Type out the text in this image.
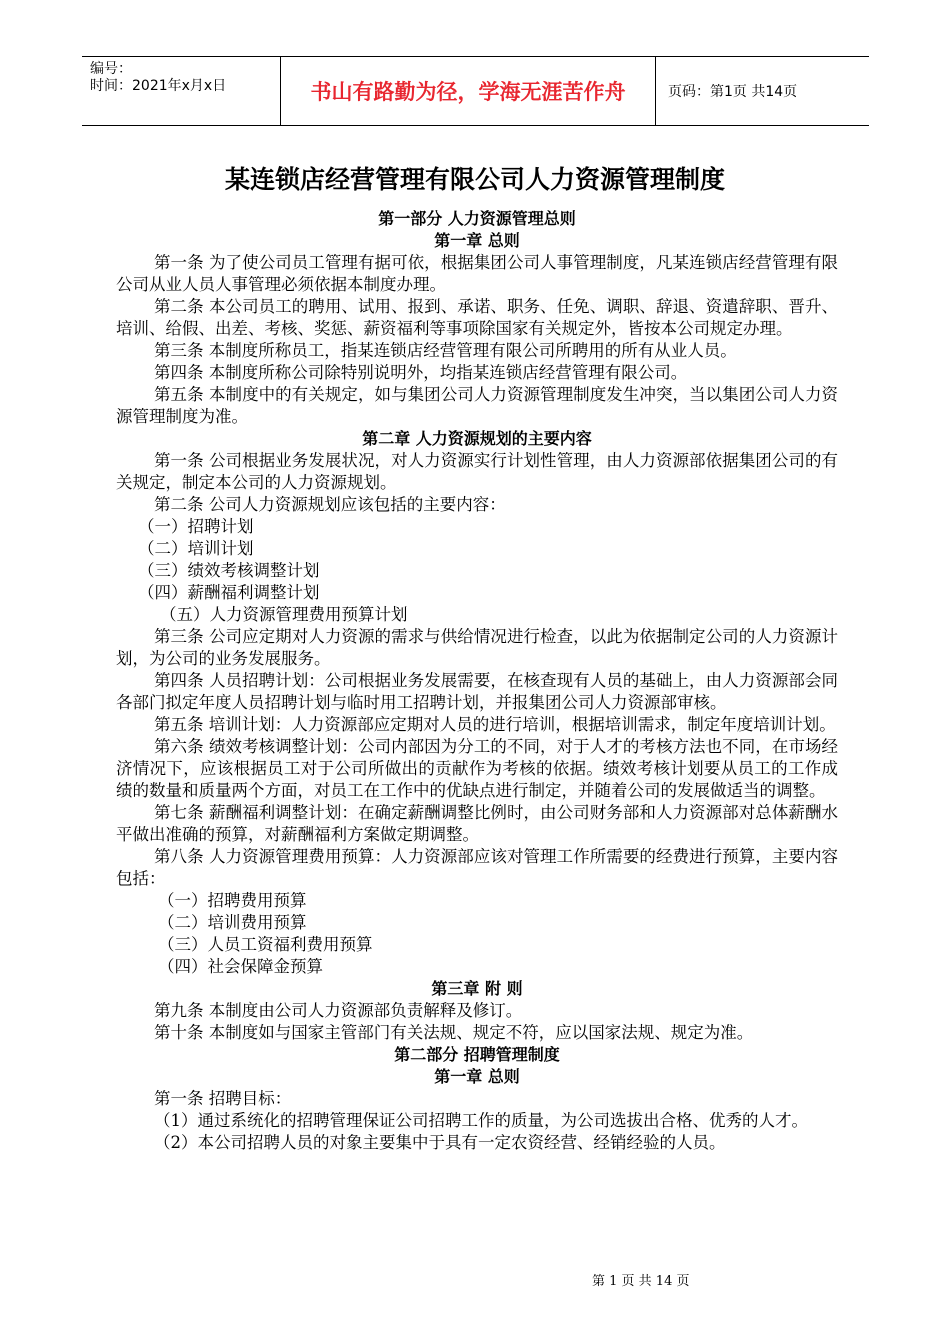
编号：
时间：2021年x月x日	书山有路勤为径，学海无涯苦作舟	页码：第1页 共14页
某连锁店经营管理有限公司人力资源管理制度

第一部分 人力资源管理总则

第一章 总则

第一条 为了使公司员工管理有据可依，根据集团公司人事管理制度，凡某连锁店经营管理有限公司从业人员人事管理必须依据本制度办理。

第二条 本公司员工的聘用、试用、报到、承诺、职务、任免、调职、辞退、资遣辞职、晋升、培训、给假、出差、考核、奖惩、薪资福利等事项除国家有关规定外，皆按本公司规定办理。

第三条 本制度所称员工，指某连锁店经营管理有限公司所聘用的所有从业人员。

第四条 本制度所称公司除特别说明外，均指某连锁店经营管理有限公司。

第五条 本制度中的有关规定，如与集团公司人力资源管理制度发生冲突，当以集团公司人力资源管理制度为准。

第二章 人力资源规划的主要内容

第一条 公司根据业务发展状况，对人力资源实行计划性管理，由人力资源部依据集团公司的有关规定，制定本公司的人力资源规划。

第二条 公司人力资源规划应该包括的主要内容：

（一）招聘计划

（二）培训计划

（三）绩效考核调整计划

（四）薪酬福利调整计划

（五）人力资源管理费用预算计划

第三条 公司应定期对人力资源的需求与供给情况进行检查，以此为依据制定公司的人力资源计划，为公司的业务发展服务。

第四条 人员招聘计划：公司根据业务发展需要，在核查现有人员的基础上，由人力资源部会同各部门拟定年度人员招聘计划与临时用工招聘计划，并报集团公司人力资源部审核。

第五条 培训计划：人力资源部应定期对人员的进行培训，根据培训需求，制定年度培训计划。

第六条 绩效考核调整计划：公司内部因为分工的不同，对于人才的考核方法也不同，在市场经济情况下，应该根据员工对于公司所做出的贡献作为考核的依据。绩效考核计划要从员工的工作成绩的数量和质量两个方面，对员工在工作中的优缺点进行制定，并随着公司的发展做适当的调整。

第七条 薪酬福利调整计划：在确定薪酬调整比例时，由公司财务部和人力资源部对总体薪酬水平做出准确的预算，对薪酬福利方案做定期调整。

第八条 人力资源管理费用预算：人力资源部应该对管理工作所需要的经费进行预算，主要内容包括：

（一）招聘费用预算

（二）培训费用预算

（三）人员工资福利费用预算

（四）社会保障金预算

第三章 附 则

第九条 本制度由公司人力资源部负责解释及修订。

第十条 本制度如与国家主管部门有关法规、规定不符，应以国家法规、规定为准。

第二部分 招聘管理制度

第一章 总则

第一条 招聘目标：

（1）通过系统化的招聘管理保证公司招聘工作的质量，为公司选拔出合格、优秀的人才。

（2）本公司招聘人员的对象主要集中于具有一定农资经营、经销经验的人员。

第 1 页 共 14 页
